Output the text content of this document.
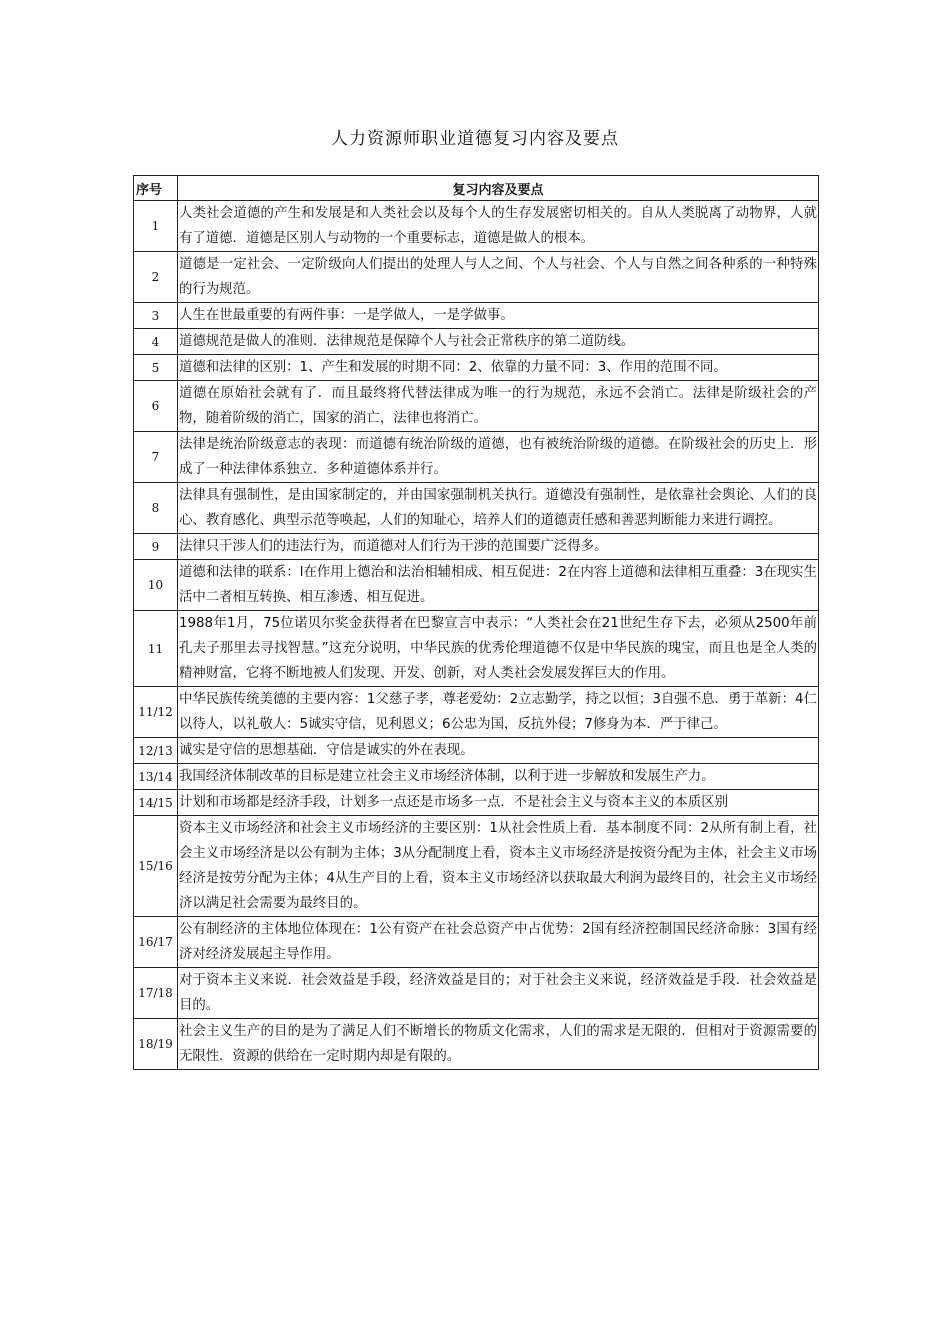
人力资源师职业道德复习内容及要点
序号	复习内容及要点
1	人类社会道德的产生和发展是和人类社会以及每个人的生存发展密切相关的。自从人类脱离了动物界，人就有了道德．道德是区别人与动物的一个重要标志，道德是做人的根本。
2	道德是一定社会、一定阶级向人们提出的处理人与人之间、个人与社会、个人与自然之间各种系的一种特殊的行为规范。
3	人生在世最重要的有两件事：一是学做人，一是学做事。
4	道德规范是做人的准则．法律规范是保障个人与社会正常秩序的第二道防线。
5	道德和法律的区别：1、产生和发展的时期不同：2、依靠的力量不同：3、作用的范围不同。
6	道德在原始社会就有了．而且最终将代替法律成为唯一的行为规范，永远不会消亡。法律是阶级社会的产物，随着阶级的消亡，国家的消亡，法律也将消亡。
7	法律是统治阶级意志的表现：而道德有统治阶级的道德，也有被统治阶级的道德。在阶级社会的历史上．形成了一种法律体系独立．多种道德体系并行。
8	法律具有强制性，是由国家制定的，并由国家强制机关执行。道德没有强制性，是依靠社会舆论、人们的良心、教育感化、典型示范等唤起，人们的知耻心，培养人们的道德责任感和善恶判断能力来进行调控。
9	法律只干涉人们的违法行为，而道德对人们行为干涉的范围要广泛得多。
10	道德和法律的联系：l在作用上德治和法治相辅相成、相互促进：2在内容上道德和法律相互重叠：3在现实生活中二者相互转换、相互渗透、相互促进。
11	1988年1月，75位诺贝尔奖金获得者在巴黎宣言中表示：“人类社会在21世纪生存下去，必须从2500年前孔夫子那里去寻找智慧。”这充分说明，中华民族的优秀伦理道德不仅是中华民族的瑰宝，而且也是全人类的精神财富，它将不断地被人们发现、开发、创新，对人类社会发展发挥巨大的作用。
11/12	中华民族传统美德的主要内容：1父慈子孝，尊老爱幼：2立志勤学，持之以恒；3自强不息．勇于革新：4仁以待人，以礼敬人：5诚实守信，见利恩义；6公忠为国，反抗外侵；7修身为本．严于律己。
12/13	诚实是守信的思想基础．守信是诚实的外在表现。
13/14	我国经济体制改革的目标是建立社会主义市场经济体制，以利于进一步解放和发展生产力。
14/15	计划和市场都是经济手段，计划多一点还是市场多一点．不是社会主义与资本主义的本质区别
15/16	资本主义市场经济和社会主义市场经济的主要区别：1从社会性质上看．基本制度不同：2从所有制上看，社会主义市场经济是以公有制为主体；3从分配制度上看，资本主义市场经济是按资分配为主体，社会主义市场经济是按劳分配为主体；4从生产目的上看，资本主义市场经济以获取最大利润为最终目的，社会主义市场经济以满足社会需要为最终目的。
16/17	公有制经济的主体地位体现在：1公有资产在社会总资产中占优势：2国有经济控制国民经济命脉：3国有经济对经济发展起主导作用。
17/18	对于资本主义来说．社会效益是手段，经济效益是目的；对于社会主义来说，经济效益是手段．社会效益是目的。
18/19	社会主义生产的目的是为了满足人们不断增长的物质文化需求，人们的需求是无限的．但相对于资源需要的无限性．资源的供给在一定时期内却是有限的。
